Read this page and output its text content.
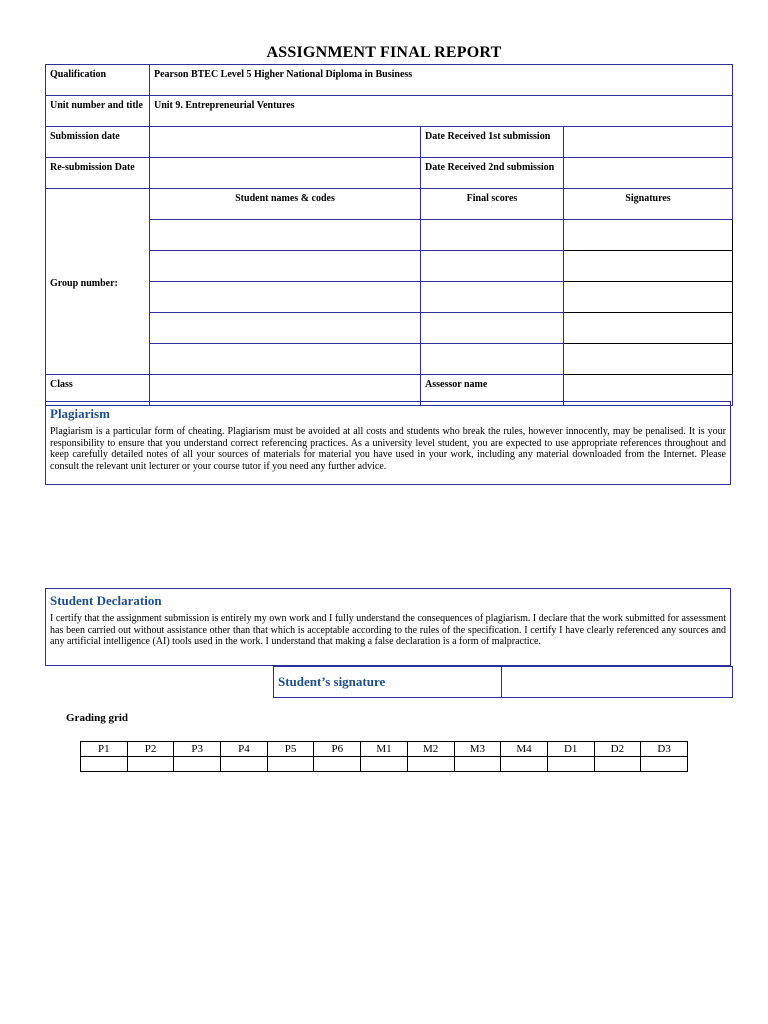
ASSIGNMENT FINAL REPORT
Qualification	Pearson BTEC Level 5 Higher National Diploma in Business		
Unit number and title	Unit 9. Entrepreneurial Ventures		
Submission date		Date Received 1st submission	
Re-submission Date		Date Received 2nd submission	
Group number:	Student names & codes	Final scores	Signatures

Class		Assessor name	
Plagiarism

Plagiarism is a particular form of cheating. Plagiarism must be avoided at all costs and students who break the rules, however innocently, may be penalised. It is your responsibility to ensure that you understand correct referencing practices. As a university level student, you are expected to use appropriate references throughout and keep carefully detailed notes of all your sources of materials for material you have used in your work, including any material downloaded from the Internet. Please consult the relevant unit lecturer or your course tutor if you need any further advice.

Student Declaration

I certify that the assignment submission is entirely my own work and I fully understand the consequences of plagiarism. I declare that the work submitted for assessment has been carried out without assistance other than that which is acceptable according to the rules of the specification. I certify I have clearly referenced any sources and any artificial intelligence (AI) tools used in the work. I understand that making a false declaration is a form of malpractice.

Student’s signature	
Grading grid
P1	P2	P3	P4	P5	P6	M1	M2	M3	M4	D1	D2	D3
